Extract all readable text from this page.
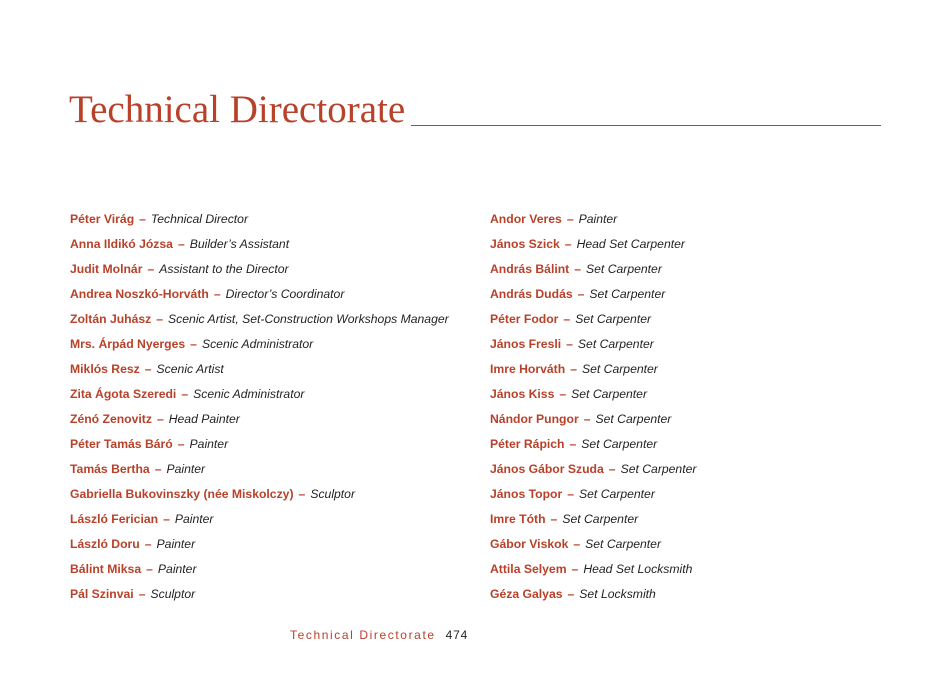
Technical Directorate
Péter Virág – Technical Director
Anna Ildikó Józsa – Builder’s Assistant
Judit Molnár – Assistant to the Director
Andrea Noszkó-Horváth – Director’s Coordinator
Zoltán Juhász – Scenic Artist, Set-Construction Workshops Manager
Mrs. Árpád Nyerges – Scenic Administrator
Miklós Resz – Scenic Artist
Zita Ágota Szeredi – Scenic Administrator
Zénó Zenovitz – Head Painter
Péter Tamás Báró – Painter
Tamás Bertha – Painter
Gabriella Bukovinszky (née Miskolczy) – Sculptor
László Ferician – Painter
László Doru – Painter
Bálint Miksa – Painter
Pál Szinvai – Sculptor
Andor Veres – Painter
János Szick – Head Set Carpenter
András Bálint – Set Carpenter
András Dudás – Set Carpenter
Péter Fodor – Set Carpenter
János Fresli – Set Carpenter
Imre Horváth – Set Carpenter
János Kiss – Set Carpenter
Nándor Pungor – Set Carpenter
Péter Rápich – Set Carpenter
János Gábor Szuda – Set Carpenter
János Topor – Set Carpenter
Imre Tóth – Set Carpenter
Gábor Viskok – Set Carpenter
Attila Selyem – Head Set Locksmith
Géza Galyas – Set Locksmith
Technical Directorate 474
